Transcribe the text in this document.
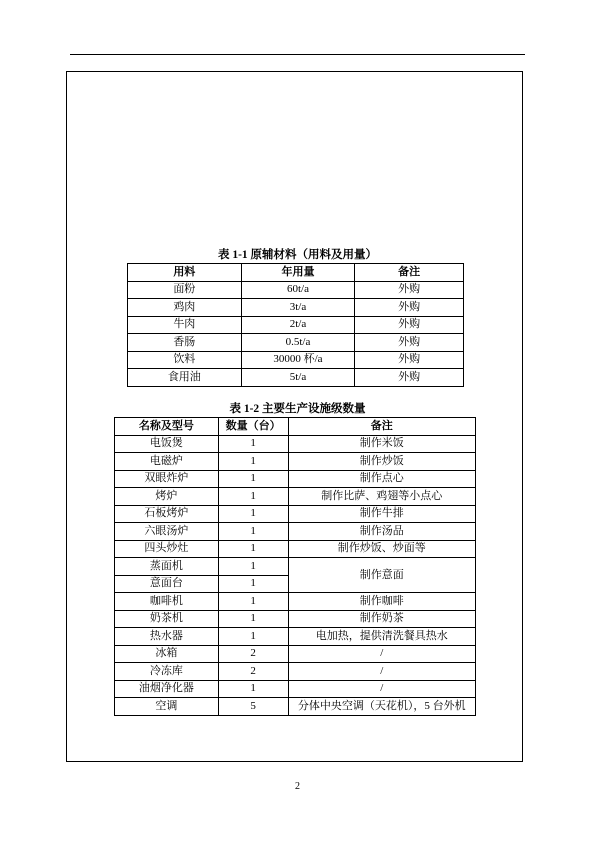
表 1-1 原辅材料（用料及用量）
用料	年用量	备注
面粉	60t/a	外购
鸡肉	3t/a	外购
牛肉	2t/a	外购
香肠	0.5t/a	外购
饮料	30000 杯/a	外购
食用油	5t/a	外购
表 1-2 主要生产设施级数量
名称及型号	数量（台）	备注
电饭煲	1	制作米饭
电磁炉	1	制作炒饭
双眼炸炉	1	制作点心
烤炉	1	制作比萨、鸡翅等小点心
石板烤炉	1	制作牛排
六眼汤炉	1	制作汤品
四头炒灶	1	制作炒饭、炒面等
蒸面机	1	制作意面
意面台	1	
咖啡机	1	制作咖啡
奶茶机	1	制作奶茶
热水器	1	电加热，提供清洗餐具热水
冰箱	2	/
冷冻库	2	/
油烟净化器	1	/
空调	5	分体中央空调（天花机），5 台外机
2
